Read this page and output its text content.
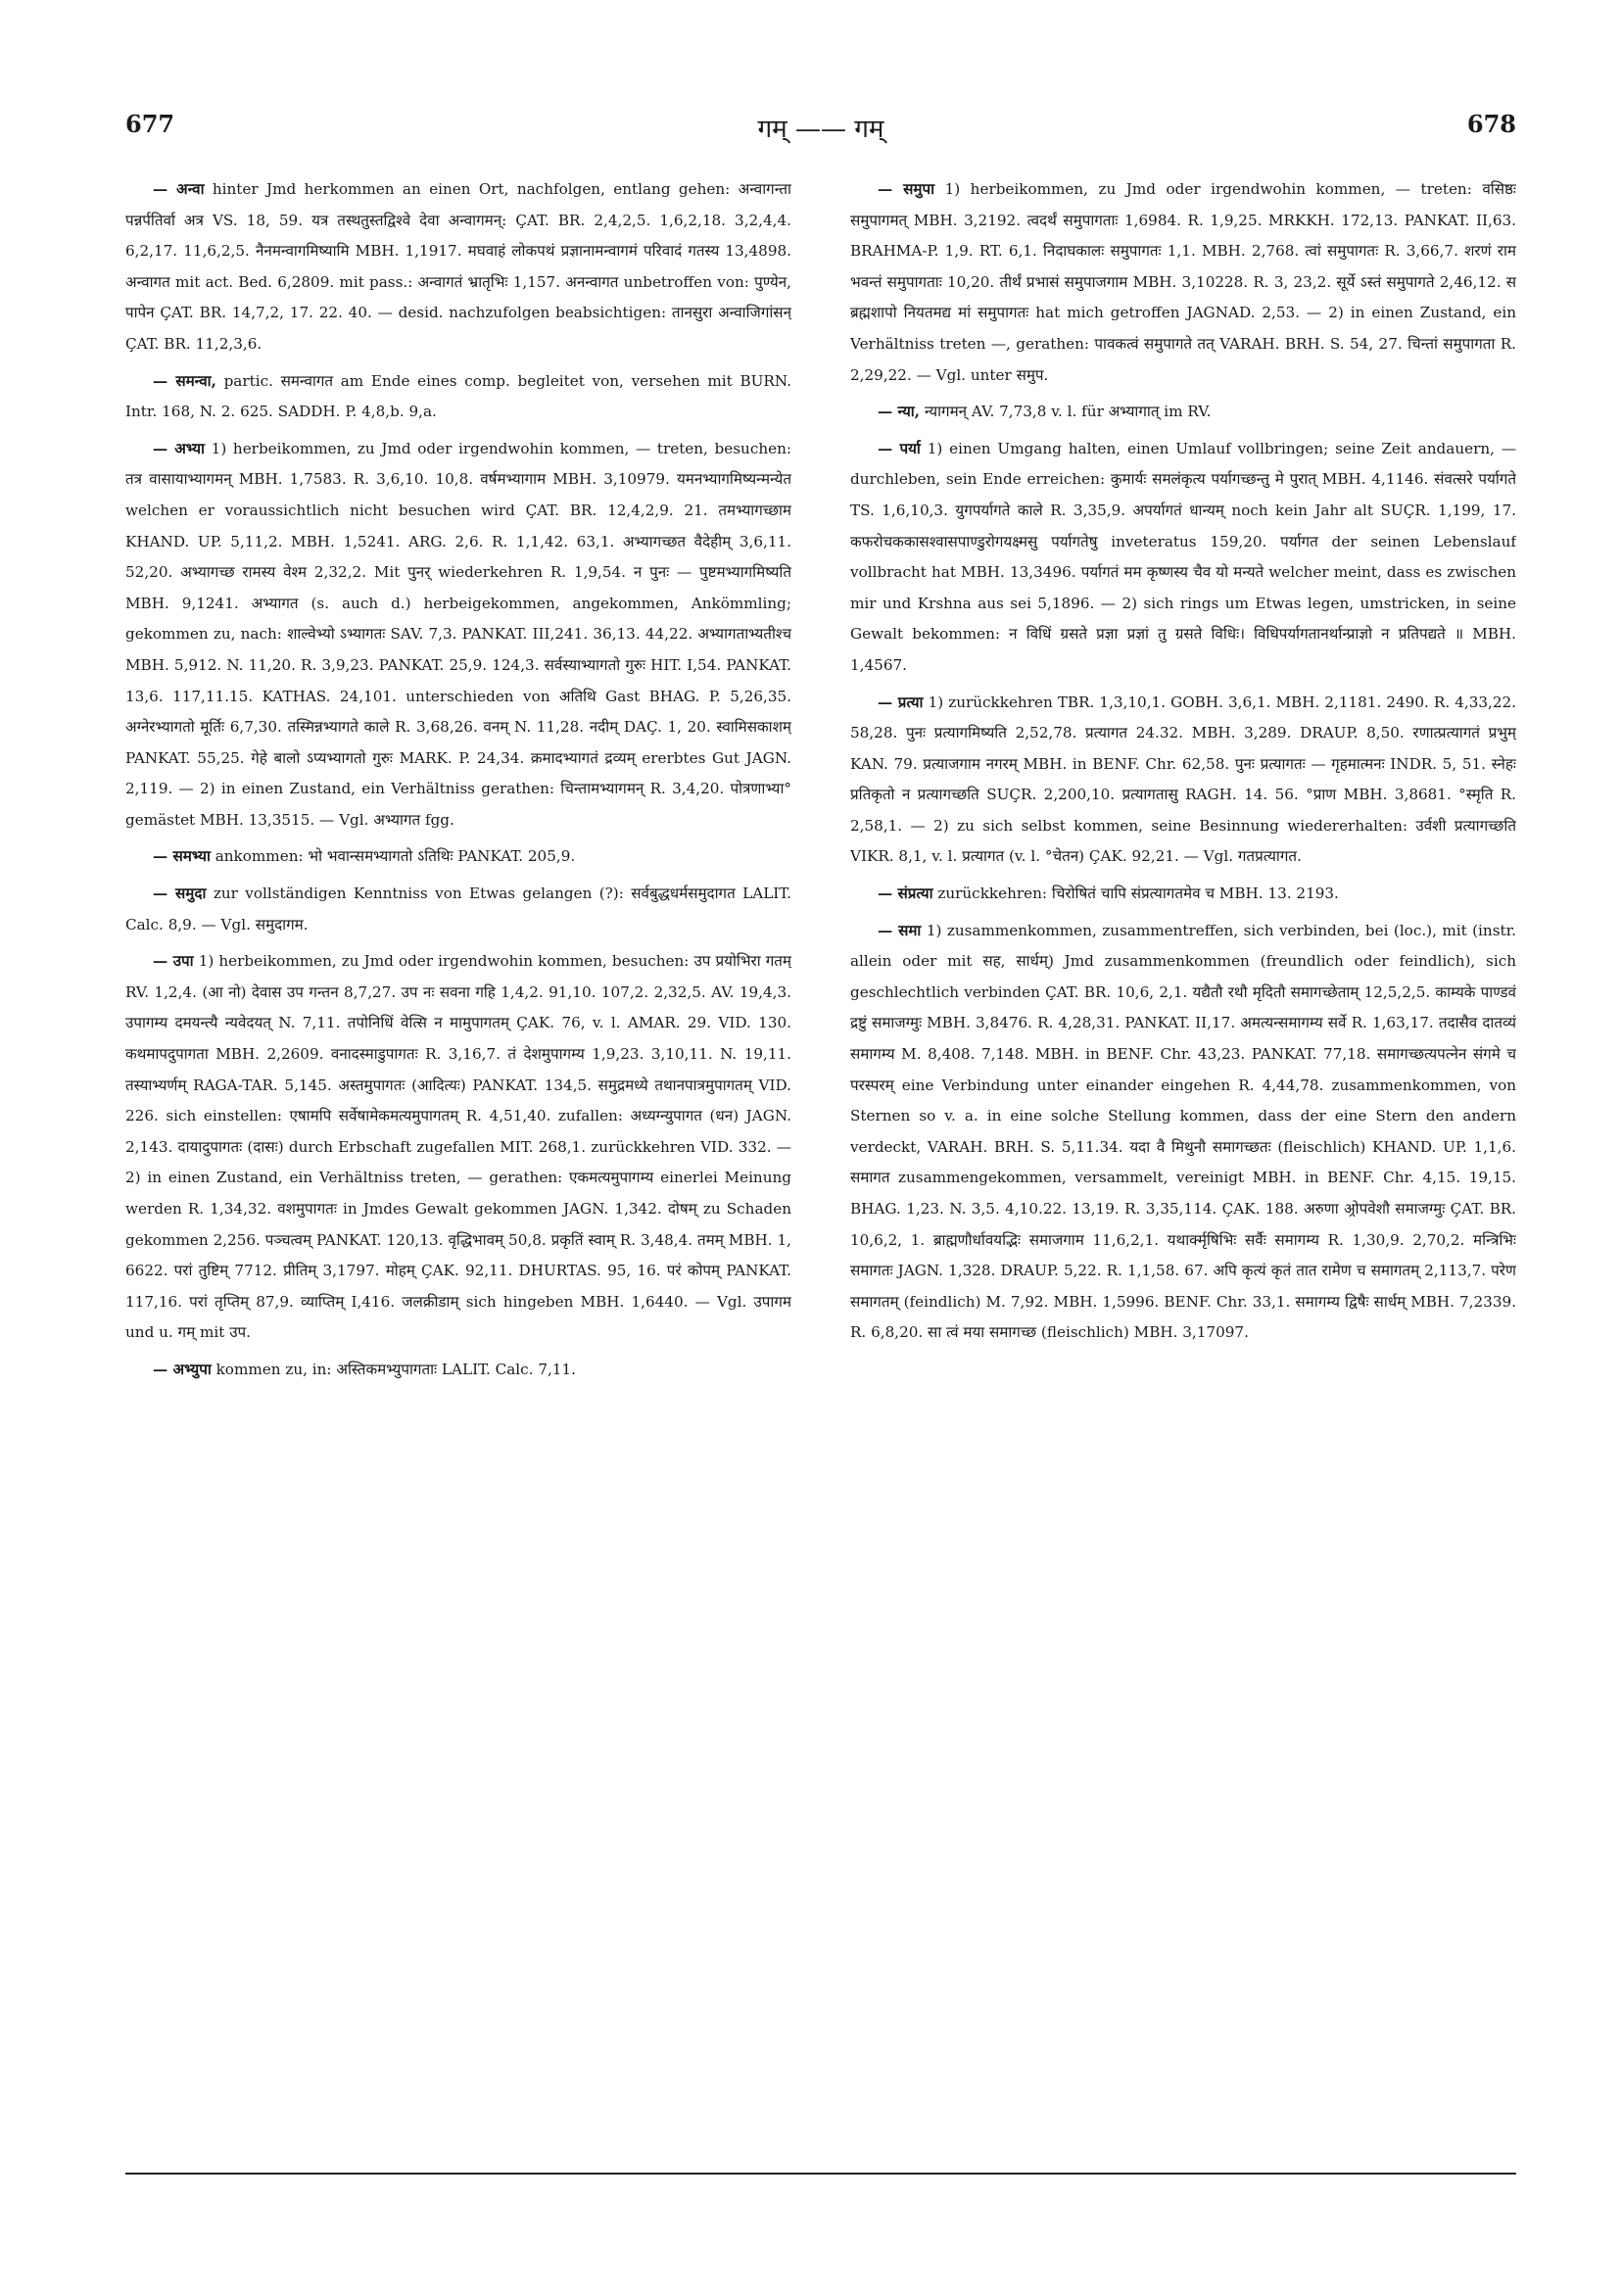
677	गम् —— गम्	678

— अन्वा hinter Jmd herkommen an einen Ort, nachfolgen, entlang gehen: अन्वागन्ता पन्नर्पतिर्वा अत्र VS. 18, 59. यत्र तस्थतुस्तद्विश्वे देवा अन्वागमन्: ÇAT. BR. 2,4,2,5. 1,6,2,18. 3,2,4,4. 6,2,17. 11,6,2,5. नैनमन्वागमिष्यामि MBH. 1,1917. मघवाहं लोकपथं प्रज्ञानामन्वागमं परिवादं गतस्य 13,4898. अन्वागत mit act. Bed. 6,2809. mit pass.: अन्वागतं भ्रातृभिः 1,157. अनन्वागत unbetroffen von: पुण्येन, पापेन ÇAT. BR. 14,7,2, 17. 22. 40. — desid. nachzufolgen beabsichtigen: तानसुरा अन्वाजिगांसन् ÇAT. BR. 11,2,3,6.

— समन्वा, partic. समन्वागत am Ende eines comp. begleitet von, versehen mit BURN. Intr. 168, N. 2. 625. SADDH. P. 4,8,b. 9,a.

— अभ्या 1) herbeikommen, zu Jmd oder irgendwohin kommen, — treten, besuchen: तत्र वासायाभ्यागमन् MBH. 1,7583. R. 3,6,10. 10,8. वर्षमभ्यागाम MBH. 3,10979. यमनभ्यागमिष्यन्मन्येत welchen er voraussichtlich nicht besuchen wird ÇAT. BR. 12,4,2,9. 21. तमभ्यागच्छाम KHAND. UP. 5,11,2. MBH. 1,5241. ARG. 2,6. R. 1,1,42. 63,1. अभ्यागच्छत वैदेहीम् 3,6,11. 52,20. अभ्यागच्छ रामस्य वेश्म 2,32,2. Mit पुनर् wiederkehren R. 1,9,54. न पुनः — पुष्टमभ्यागमिष्यति MBH. 9,1241. अभ्यागत (s. auch d.) herbeigekommen, angekommen, Ankömmling; gekommen zu, nach: शाल्वेभ्यो ऽभ्यागतः SAV. 7,3. PANKAT. III,241. 36,13. 44,22. अभ्यागताभ्यतीश्च MBH. 5,912. N. 11,20. R. 3,9,23. PANKAT. 25,9. 124,3. सर्वस्याभ्यागतो गुरुः HIT. I,54. PANKAT. 13,6. 117,11.15. KATHAS. 24,101. unterschieden von अतिथि Gast BHAG. P. 5,26,35. अग्नेरभ्यागतो मूर्तिः 6,7,30. तस्मिन्नभ्यागते काले R. 3,68,26. वनम् N. 11,28. नदीम् DAÇ. 1, 20. स्वामिसकाशम् PANKAT. 55,25. गेहे बालो ऽप्यभ्यागतो गुरुः MARK. P. 24,34. क्रमादभ्यागतं द्रव्यम् ererbtes Gut JAGN. 2,119. — 2) in einen Zustand, ein Verhältniss gerathen: चिन्तामभ्यागमन् R. 3,4,20. पोत्रणाभ्या° gemästet MBH. 13,3515. — Vgl. अभ्यागत fgg.

— समभ्या ankommen: भो भवान्समभ्यागतो ऽतिथिः PANKAT. 205,9.

— समुदा zur vollständigen Kenntniss von Etwas gelangen (?): सर्वबुद्धधर्मसमुदागत LALIT. Calc. 8,9. — Vgl. समुदागम.

— उपा 1) herbeikommen, zu Jmd oder irgendwohin kommen, besuchen: उप प्रयोभिरा गतम् RV. 1,2,4. (आ नो) देवास उप गन्तन 8,7,27. उप नः सवना गहि 1,4,2. 91,10. 107,2. 2,32,5. AV. 19,4,3. उपागम्य दमयन्त्यै न्यवेदयत् N. 7,11. तपोनिधिं वेत्सि न मामुपागतम् ÇAK. 76, v. l. AMAR. 29. VID. 130. कथमापदुपागता MBH. 2,2609. वनादस्माडुपागतः R. 3,16,7. तं देशमुपागम्य 1,9,23. 3,10,11. N. 19,11. तस्याभ्यर्णम् RAGA-TAR. 5,145. अस्तमुपागतः (आदित्यः) PANKAT. 134,5. समुद्रमध्ये तथानपात्रमुपागतम् VID. 226. sich einstellen: एषामपि सर्वेषामेकमत्यमुपागतम् R. 4,51,40. zufallen: अध्यग्न्युपागत (धन) JAGN. 2,143. दायादुपागतः (दासः) durch Erbschaft zugefallen MIT. 268,1. zurückkehren VID. 332. — 2) in einen Zustand, ein Verhältniss treten, — gerathen: एकमत्यमुपागम्य einerlei Meinung werden R. 1,34,32. वशमुपागतः in Jmdes Gewalt gekommen JAGN. 1,342. दोषम् zu Schaden gekommen 2,256. पञ्चत्वम् PANKAT. 120,13. वृद्धिभावम् 50,8. प्रकृतिं स्वाम् R. 3,48,4. तमम् MBH. 1, 6622. परां तुष्टिम् 7712. प्रीतिम् 3,1797. मोहम् ÇAK. 92,11. DHURTAS. 95, 16. परं कोपम् PANKAT. 117,16. परां तृप्तिम् 87,9. व्याप्तिम् I,416. जलक्रीडाम् sich hingeben MBH. 1,6440. — Vgl. उपागम und u. गम् mit उप.

— अभ्युपा kommen zu, in: अस्तिकमभ्युपागताः LALIT. Calc. 7,11.

— समुपा 1) herbeikommen, zu Jmd oder irgendwohin kommen, — treten: वसिष्ठः समुपागमत् MBH. 3,2192. त्वदर्थं समुपागताः 1,6984. R. 1,9,25. MRKKH. 172,13. PANKAT. II,63. BRAHMA-P. 1,9. RT. 6,1. निदाघकालः समुपागतः 1,1. MBH. 2,768. त्वां समुपागतः R. 3,66,7. शरणं राम भवन्तं समुपागताः 10,20. तीर्थं प्रभासं समुपाजगाम MBH. 3,10228. R. 3, 23,2. सूर्ये ऽस्तं समुपागते 2,46,12. स ब्रह्मशापो नियतमद्य मां समुपागतः hat mich getroffen JAGNAD. 2,53. — 2) in einen Zustand, ein Verhältniss treten —, gerathen: पावकत्वं समुपागते तत् VARAH. BRH. S. 54, 27. चिन्तां समुपागता R. 2,29,22. — Vgl. unter समुप.

— न्या, न्यागमन् AV. 7,73,8 v. l. für अभ्यागात् im RV.

— पर्या 1) einen Umgang halten, einen Umlauf vollbringen; seine Zeit andauern, — durchleben, sein Ende erreichen: कुमार्यः समलंकृत्य पर्यागच्छन्तु मे पुरात् MBH. 4,1146. संवत्सरे पर्यागते TS. 1,6,10,3. युगपर्यागते काले R. 3,35,9. अपर्यागतं धान्यम् noch kein Jahr alt SUÇR. 1,199, 17. कफरोचककासश्वासपाण्डुरोगयक्ष्मसु पर्यागतेषु inveteratus 159,20. पर्यागत der seinen Lebenslauf vollbracht hat MBH. 13,3496. पर्यागतं मम कृष्णस्य चैव यो मन्यते welcher meint, dass es zwischen mir und Krshna aus sei 5,1896. — 2) sich rings um Etwas legen, umstricken, in seine Gewalt bekommen: न विधिं ग्रसते प्रज्ञा प्रज्ञां तु ग्रसते विधिः। विधिपर्यागतानर्थान्प्राज्ञो न प्रतिपद्यते ॥ MBH. 1,4567.

— प्रत्या 1) zurückkehren TBR. 1,3,10,1. GOBH. 3,6,1. MBH. 2,1181. 2490. R. 4,33,22. 58,28. पुनः प्रत्यागमिष्यति 2,52,78. प्रत्यागत 24.32. MBH. 3,289. DRAUP. 8,50. रणात्प्रत्यागतं प्रभुम् KAN. 79. प्रत्याजगाम नगरम् MBH. in BENF. Chr. 62,58. पुनः प्रत्यागतः — गृहमात्मनः INDR. 5, 51. स्नेहः प्रतिकृतो न प्रत्यागच्छति SUÇR. 2,200,10. प्रत्यागतासु RAGH. 14. 56. °प्राण MBH. 3,8681. °स्मृति R. 2,58,1. — 2) zu sich selbst kommen, seine Besinnung wiedererhalten: उर्वशी प्रत्यागच्छति VIKR. 8,1, v. l. प्रत्यागत (v. l. °चेतन) ÇAK. 92,21. — Vgl. गतप्रत्यागत.

— संप्रत्या zurückkehren: चिरोषितं चापि संप्रत्यागतमेव च MBH. 13. 2193.

— समा 1) zusammenkommen, zusammentreffen, sich verbinden, bei (loc.), mit (instr. allein oder mit सह, सार्धम्) Jmd zusammenkommen (freundlich oder feindlich), sich geschlechtlich verbinden ÇAT. BR. 10,6, 2,1. यद्यैतौ रथौ मृदितौ समागच्छेताम् 12,5,2,5. काम्यके पाण्डवं द्रष्टुं समाजग्मुः MBH. 3,8476. R. 4,28,31. PANKAT. II,17. अमत्यन्समागम्य सर्वे R. 1,63,17. तदासैव दातव्यं समागम्य M. 8,408. 7,148. MBH. in BENF. Chr. 43,23. PANKAT. 77,18. समागच्छत्यपत्नेन संगमे च परस्परम् eine Verbindung unter einander eingehen R. 4,44,78. zusammenkommen, von Sternen so v. a. in eine solche Stellung kommen, dass der eine Stern den andern verdeckt, VARAH. BRH. S. 5,11.34. यदा वै मिथुनौ समागच्छतः (fleischlich) KHAND. UP. 1,1,6. समागत zusammengekommen, versammelt, vereinigt MBH. in BENF. Chr. 4,15. 19,15. BHAG. 1,23. N. 3,5. 4,10.22. 13,19. R. 3,35,114. ÇAK. 188. अरुणा अ्रोपवेशौ समाजग्मुः ÇAT. BR. 10,6,2, 1. ब्राह्मणौर्धावयद्भिः समाजगाम 11,6,2,1. यथार्क्मृषिभिः सर्वैः समागम्य R. 1,30,9. 2,70,2. मन्त्रिभिः समागतः JAGN. 1,328. DRAUP. 5,22. R. 1,1,58. 67. अपि कृत्यं कृतं तात रामेण च समागतम् 2,113,7. परेण समागतम् (feindlich) M. 7,92. MBH. 1,5996. BENF. Chr. 33,1. समागम्य द्विषैः सार्धम् MBH. 7,2339. R. 6,8,20. सा त्वं मया समागच्छ (fleischlich) MBH. 3,17097.
